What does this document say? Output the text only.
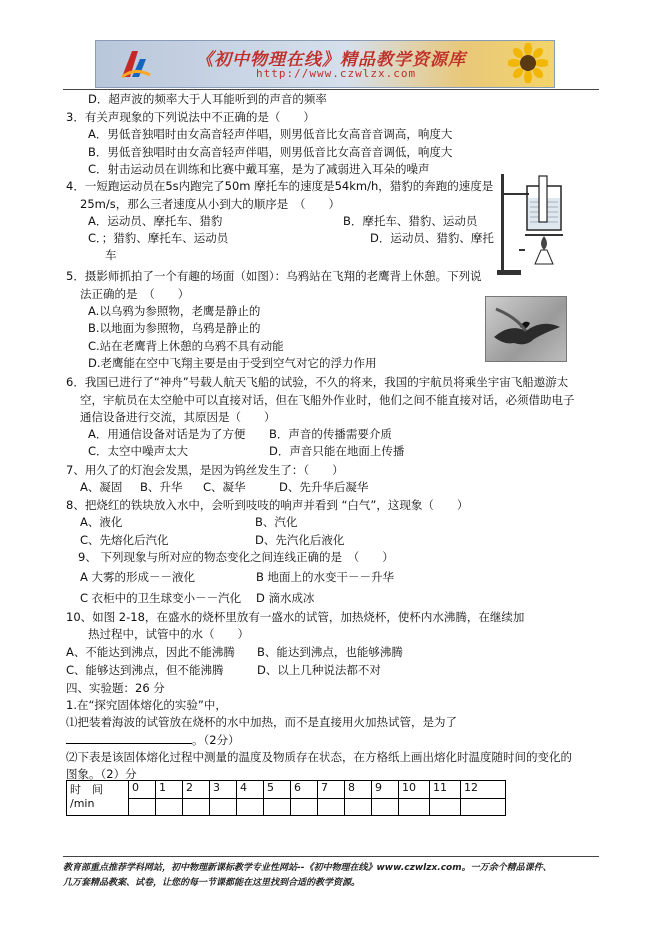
《初中物理在线》精品教学资源库
http://www.czwlzx.com
D．超声波的频率大于人耳能听到的声音的频率
3．有关声现象的下列说法中不正确的是（　　）
A．男低音独唱时由女高音轻声伴唱，则男低音比女高音音调高，响度大
B．男低音独唱时由女高音轻声伴唱，则男低音比女高音音调低，响度大
C．射击运动员在训练和比赛中戴耳塞，是为了减弱进入耳朵的噪声
4．一短跑运动员在5s内跑完了50m 摩托车的速度是54km/h，猎豹的奔跑的速度是
25m/s，那么三者速度从小到大的顺序是　（　　）
A．运动员、摩托车、猎豹	B．摩托车、猎豹、运动员
C．；猎豹、摩托车、运动员	D．运动员、猎豹、摩托
车
5．摄影师抓拍了一个有趣的场面（如图）：乌鸦站在飞翔的老鹰背上休憩。下列说
法正确的是　（　　）
A.以乌鸦为参照物，老鹰是静止的
B.以地面为参照物，乌鸦是静止的
C.站在老鹰背上休憩的乌鸦不具有动能
D.老鹰能在空中飞翔主要是由于受到空气对它的浮力作用
6．我国已进行了“神舟”号载人航天飞船的试验，不久的将来，我国的宇航员将乘坐宇宙飞船遨游太
空，宇航员在太空舱中可以直接对话，但在飞船外作业时，他们之间不能直接对话，必须借助电子
通信设备进行交流，其原因是（　　）
A．用通信设备对话是为了方便 B．声音的传播需要介质
C．太空中噪声太大	D．声音只能在地面上传播
7、用久了的灯泡会发黑，是因为钨丝发生了：（　　）
A、凝固 B、升华 C、凝华	D、先升华后凝华
8、把烧红的铁块放入水中，会听到吱吱的响声并看到 “白气”，这现象（　　）
A、液化	B、汽化
C、先熔化后汽化	D、先汽化后液化
9、 下列现象与所对应的物态变化之间连线正确的是　（　　）
A 大雾的形成－－液化	B 地面上的水变干－－升华
C 衣柜中的卫生球变小－－汽化 D 滴水成冰
10、如图 2-18，在盛水的烧杯里放有一盛水的试管，加热烧杯，使杯内水沸腾，在继续加
热过程中，试管中的水（　　）
A、不能达到沸点，因此不能沸腾 B、能达到沸点，也能够沸腾
C、能够达到沸点，但不能沸腾	D、以上几种说法都不对
四、实验题：26 分
1.在“探究固体熔化的实验”中，
⑴把装着海波的试管放在烧杯的水中加热，而不是直接用火加热试管，是为了
。（2分）
⑵下表是该固体熔化过程中测量的温度及物质存在状态，在方格纸上画出熔化时温度随时间的变化的
图象。（2）分
时　间
/min	0	1	2	3	4	5	6	7	8	9	10	11	12

教育部重点推荐学科网站，初中物理新课标教学专业性网站--《初中物理在线》www.czwlzx.com。一万余个精品课件、
几万套精品教案、试卷，让您的每一节课都能在这里找到合适的教学资源。
